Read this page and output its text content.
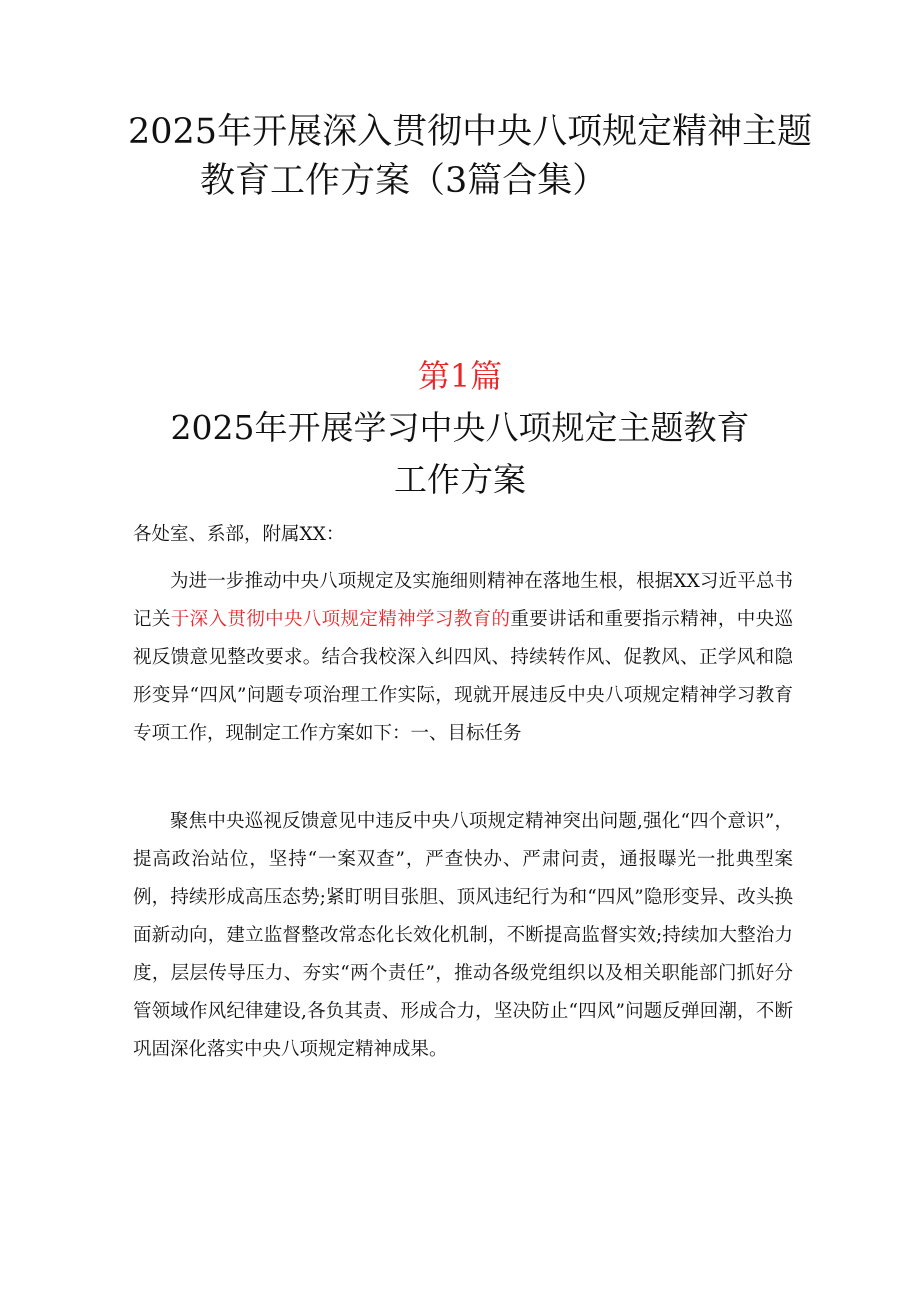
2025年开展深入贯彻中央八项规定精神主题
教育工作方案（3篇合集）
第1篇
2025年开展学习中央八项规定主题教育
工作方案
各处室、系部，附属XX：
为进一步推动中央八项规定及实施细则精神在落地生根，根据XX习近平总书记关于深入贯彻中央八项规定精神学习教育的重要讲话和重要指示精神，中央巡视反馈意见整改要求。结合我校深入纠四风、持续转作风、促教风、正学风和隐形变异“四风”问题专项治理工作实际，现就开展违反中央八项规定精神学习教育专项工作，现制定工作方案如下：一、目标任务
聚焦中央巡视反馈意见中违反中央八项规定精神突出问题,强化“四个意识”，提高政治站位，坚持“一案双查”，严查快办、严肃问责，通报曝光一批典型案例，持续形成高压态势;紧盯明目张胆、顶风违纪行为和“四风”隐形变异、改头换面新动向，建立监督整改常态化长效化机制，不断提高监督实效;持续加大整治力度，层层传导压力、夯实“两个责任”，推动各级党组织以及相关职能部门抓好分管领域作风纪律建设,各负其责、形成合力，坚决防止“四风”问题反弹回潮，不断巩固深化落实中央八项规定精神成果。
